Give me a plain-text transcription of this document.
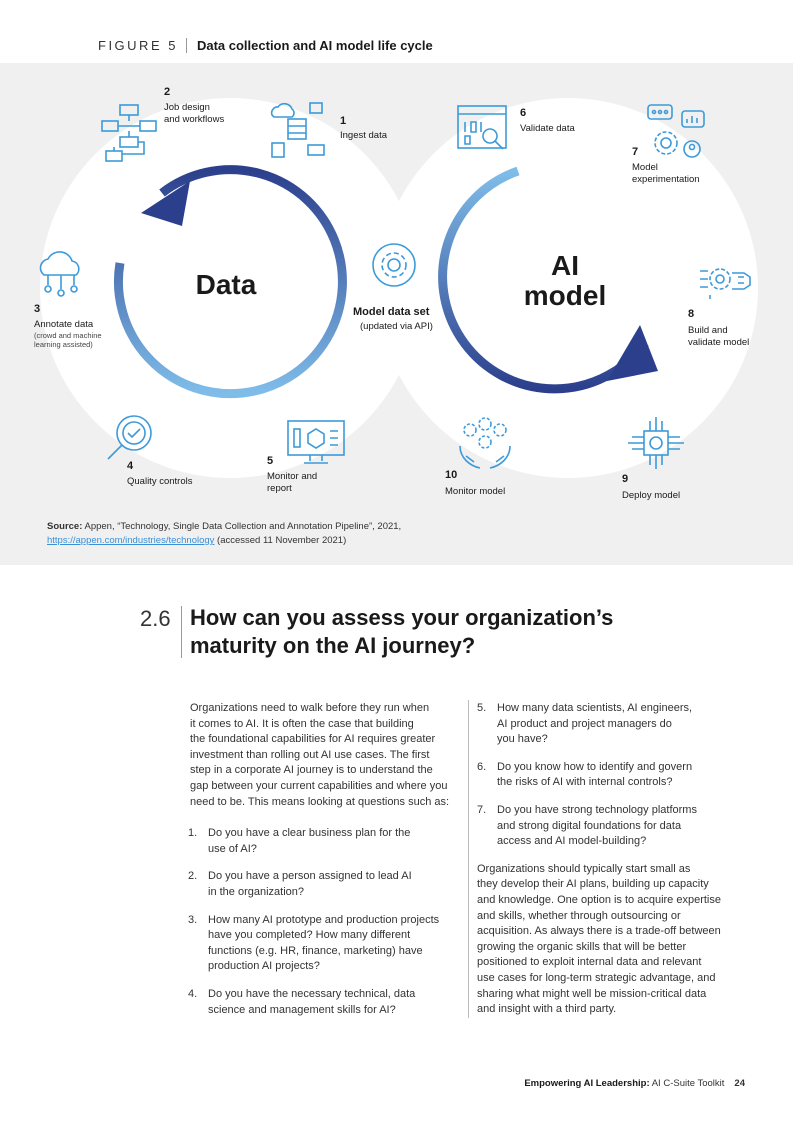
FIGURE 5	Data collection and AI model life cycle
Data
AI
model
Model data set
(updated via API)
1
Ingest data
2
Job design
and workflows
3
Annotate data
(crowd and machine
learning assisted)
4
Quality controls
5
Monitor and
report
6
Validate data
7
Model
experimentation
8
Build and
validate model
9
Deploy model
10
Monitor model
Source: Appen, “Technology, Single Data Collection and Annotation Pipeline”, 2021,
https://appen.com/industries/technology (accessed 11 November 2021)
2.6 How can you assess your organization’s
maturity on the AI journey?

Organizations need to walk before they run when
it comes to AI. It is often the case that building
the foundational capabilities for AI requires greater
investment than rolling out AI use cases. The first
step in a corporate AI journey is to understand the
gap between your current capabilities and where you
need to be. This means looking at questions such as:

1. Do you have a clear business plan for the
use of AI?
2. Do you have a person assigned to lead AI
in the organization?
3. How many AI prototype and production projects
have you completed? How many different
functions (e.g. HR, finance, marketing) have
production AI projects?
4. Do you have the necessary technical, data
science and management skills for AI?
5. How many data scientists, AI engineers,
AI product and project managers do
you have?
6. Do you know how to identify and govern
the risks of AI with internal controls?
7. Do you have strong technology platforms
and strong digital foundations for data
access and AI model-building?

Organizations should typically start small as
they develop their AI plans, building up capacity
and knowledge. One option is to acquire expertise
and skills, whether through outsourcing or
acquisition. As always there is a trade-off between
growing the organic skills that will be better
positioned to exploit internal data and relevant
use cases for long-term strategic advantage, and
sharing what might well be mission-critical data
and insight with a third party.

Empowering AI Leadership: AI C-Suite Toolkit 24
